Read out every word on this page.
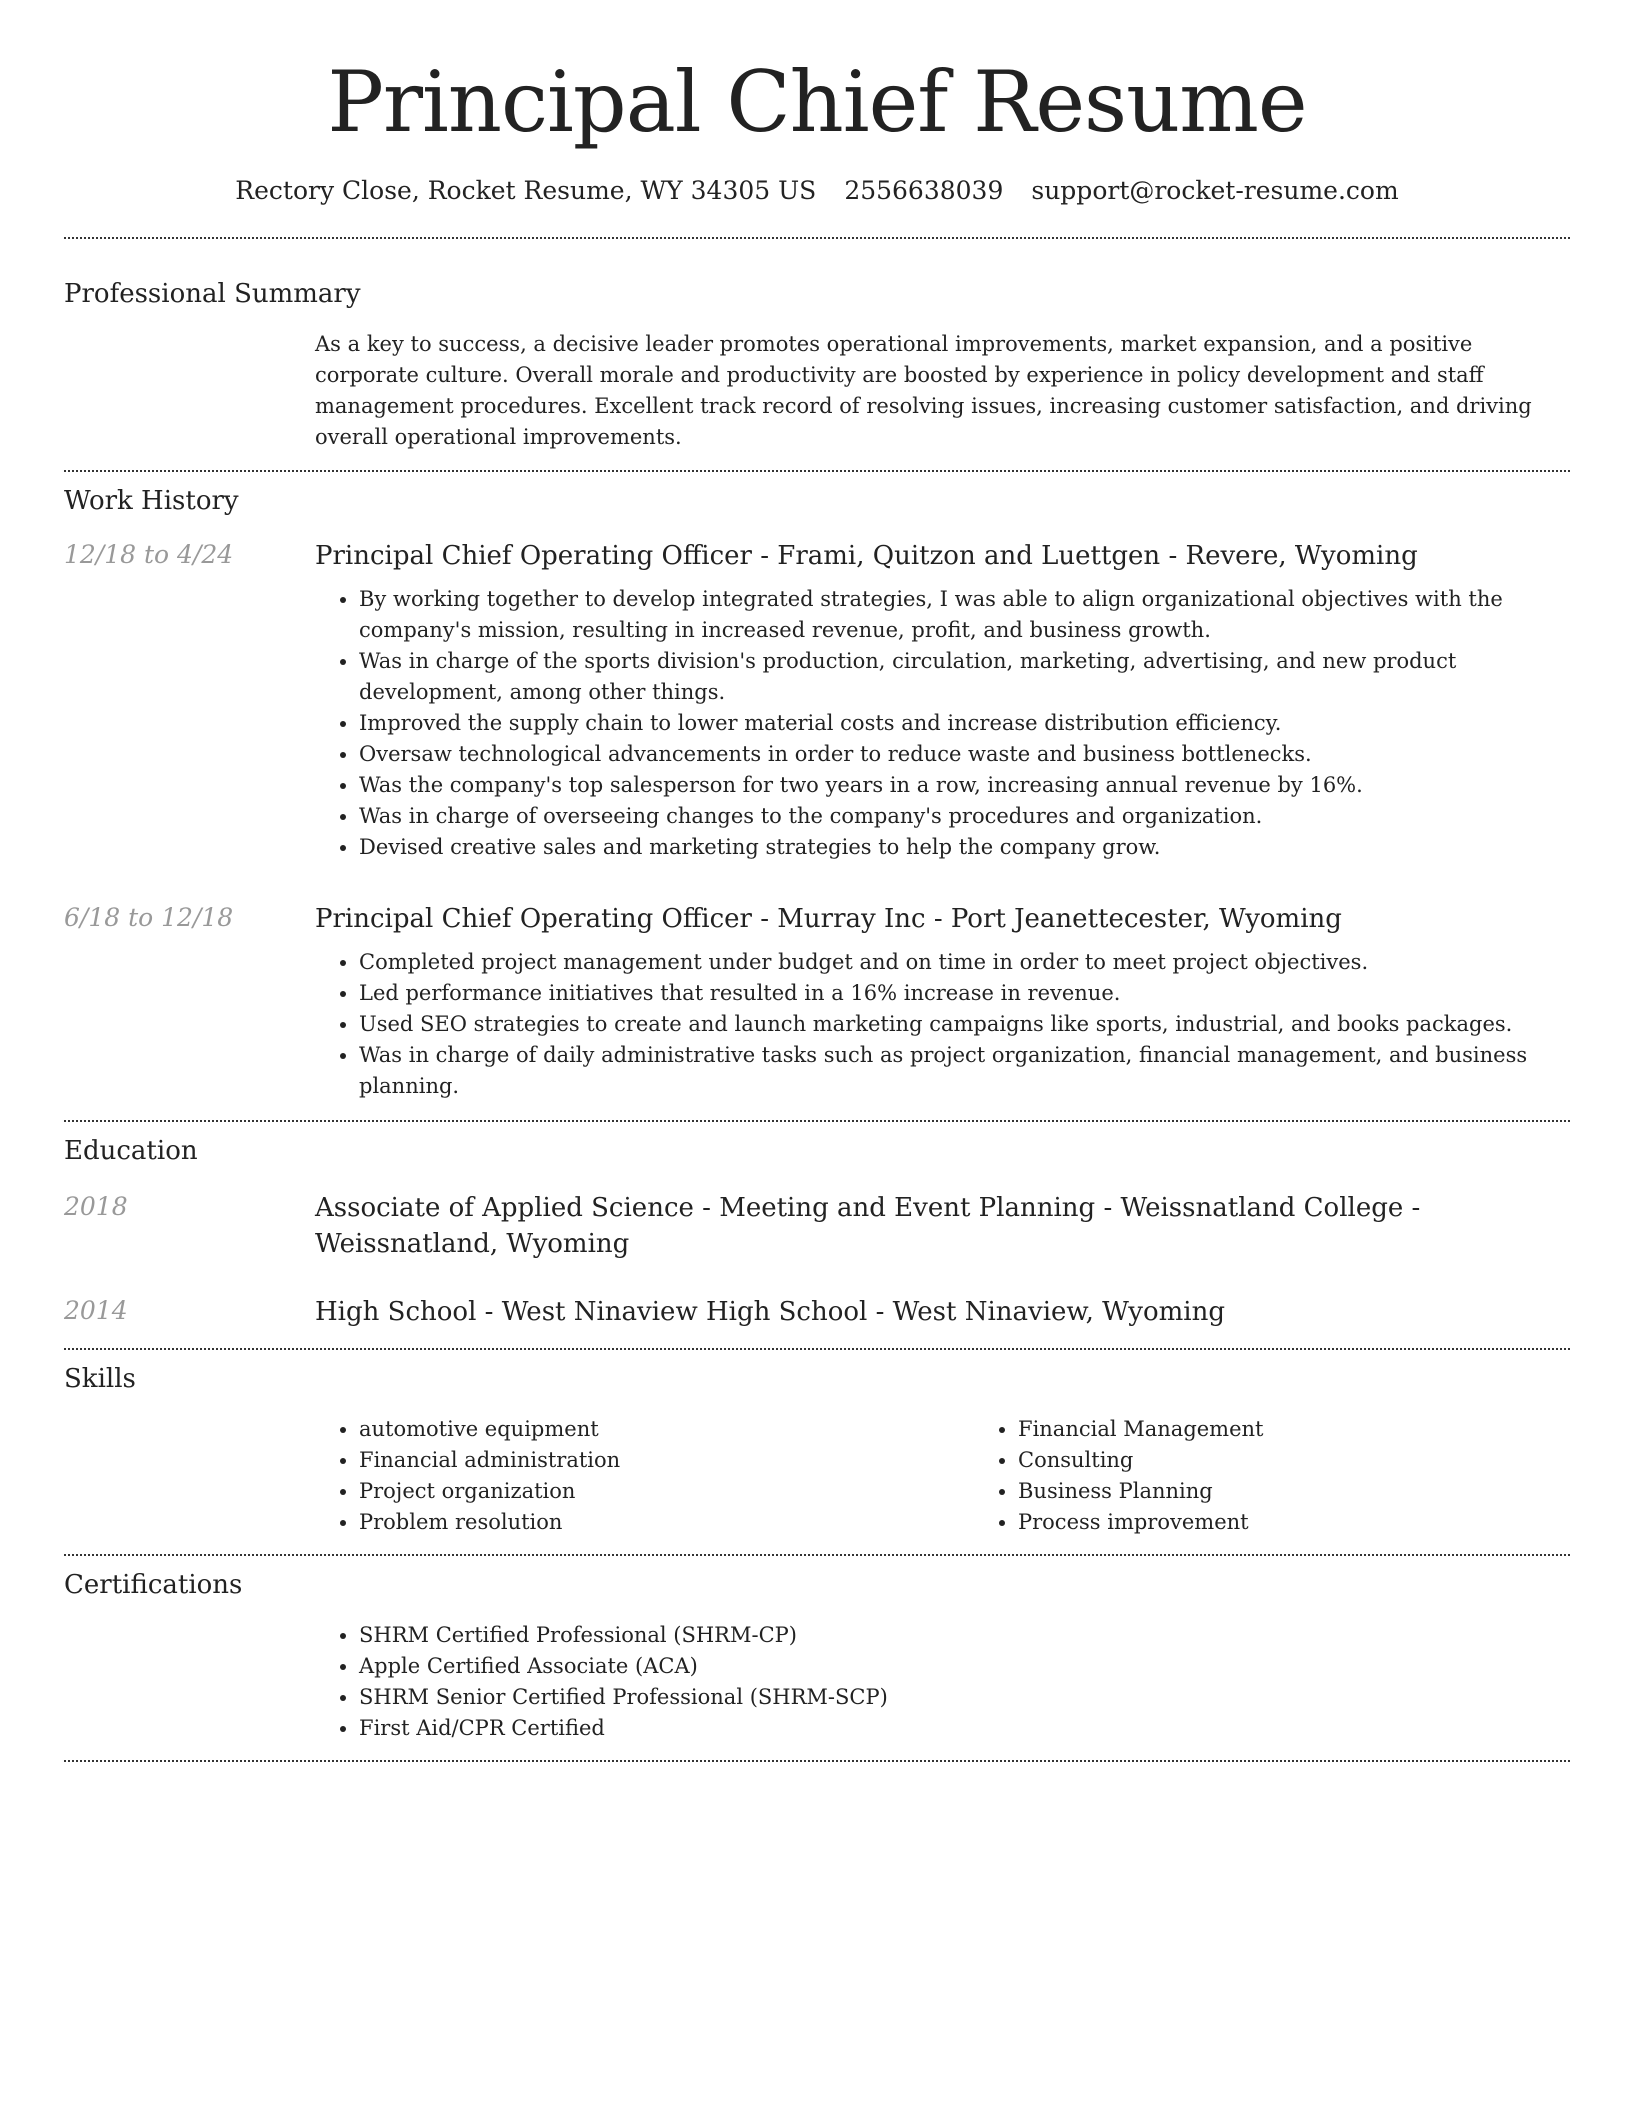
Principal Chief Resume
Rectory Close, Rocket Resume, WY 34305 US 2556638039 support@rocket-resume.com
Professional Summary
As a key to success, a decisive leader promotes operational improvements, market expansion, and a positive corporate culture. Overall morale and productivity are boosted by experience in policy development and staff management procedures. Excellent track record of resolving issues, increasing customer satisfaction, and driving overall operational improvements.
Work History
12/18 to 4/24	Principal Chief Operating Officer - Frami, Quitzon and Luettgen - Revere, Wyoming
• By working together to develop integrated strategies, I was able to align organizational objectives with the company's mission, resulting in increased revenue, profit, and business growth.
• Was in charge of the sports division's production, circulation, marketing, advertising, and new product development, among other things.
• Improved the supply chain to lower material costs and increase distribution efficiency.
• Oversaw technological advancements in order to reduce waste and business bottlenecks.
• Was the company's top salesperson for two years in a row, increasing annual revenue by 16%.
• Was in charge of overseeing changes to the company's procedures and organization.
• Devised creative sales and marketing strategies to help the company grow.
6/18 to 12/18	Principal Chief Operating Officer - Murray Inc - Port Jeanettecester, Wyoming
• Completed project management under budget and on time in order to meet project objectives.
• Led performance initiatives that resulted in a 16% increase in revenue.
• Used SEO strategies to create and launch marketing campaigns like sports, industrial, and books packages.
• Was in charge of daily administrative tasks such as project organization, financial management, and business planning.
Education
2018	Associate of Applied Science - Meeting and Event Planning - Weissnatland College - Weissnatland, Wyoming
2014	High School - West Ninaview High School - West Ninaview, Wyoming
Skills
• automotive equipment
• Financial administration
• Project organization
• Problem resolution
• Financial Management
• Consulting
• Business Planning
• Process improvement
Certifications
• SHRM Certified Professional (SHRM-CP)
• Apple Certified Associate (ACA)
• SHRM Senior Certified Professional (SHRM-SCP)
• First Aid/CPR Certified
